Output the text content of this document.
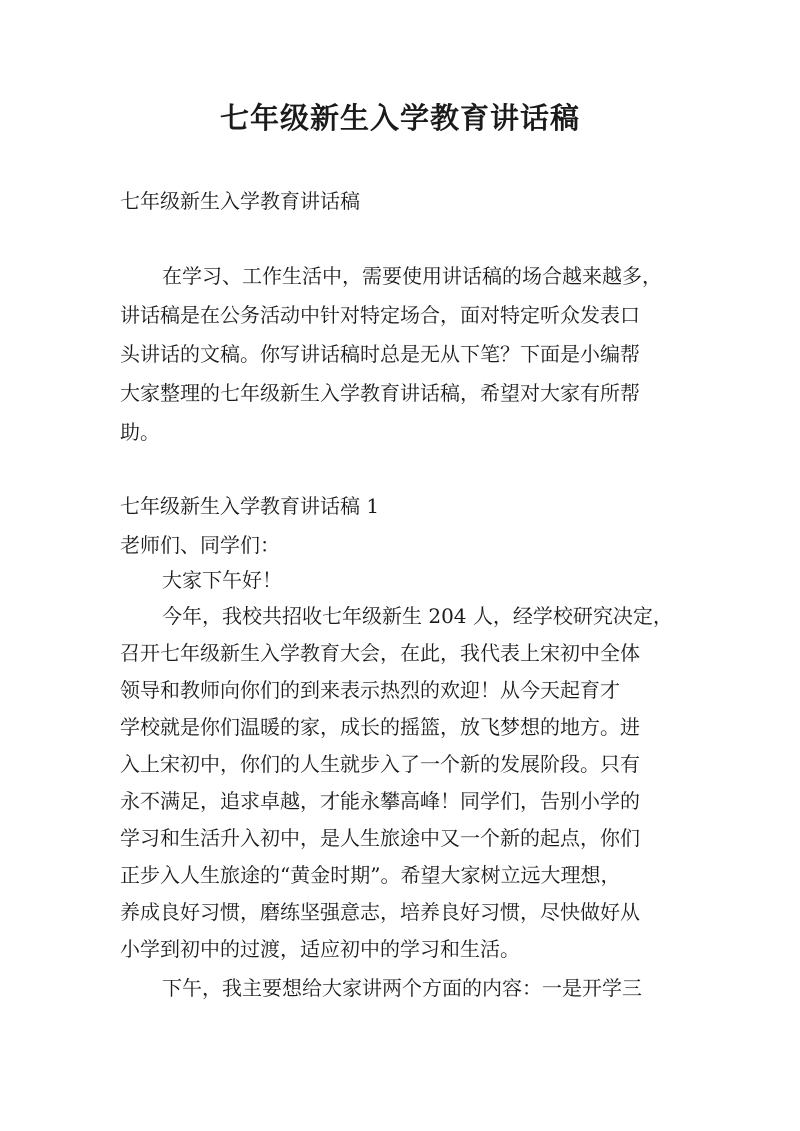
七年级新生入学教育讲话稿
七年级新生入学教育讲话稿
在学习、工作生活中，需要使用讲话稿的场合越来越多，
讲话稿是在公务活动中针对特定场合，面对特定听众发表口
头讲话的文稿。你写讲话稿时总是无从下笔？下面是小编帮
大家整理的七年级新生入学教育讲话稿，希望对大家有所帮
助。
七年级新生入学教育讲话稿 1
老师们、同学们：
大家下午好！
今年，我校共招收七年级新生 204 人，经学校研究决定，
召开七年级新生入学教育大会，在此，我代表上宋初中全体
领导和教师向你们的到来表示热烈的欢迎！从今天起育才
学校就是你们温暖的家，成长的摇篮，放飞梦想的地方。进
入上宋初中，你们的人生就步入了一个新的发展阶段。只有
永不满足，追求卓越，才能永攀高峰！同学们，告别小学的
学习和生活升入初中，是人生旅途中又一个新的起点，你们
正步入人生旅途的“黄金时期”。希望大家树立远大理想，
养成良好习惯，磨练坚强意志，培养良好习惯，尽快做好从
小学到初中的过渡，适应初中的学习和生活。
下午，我主要想给大家讲两个方面的内容：一是开学三
